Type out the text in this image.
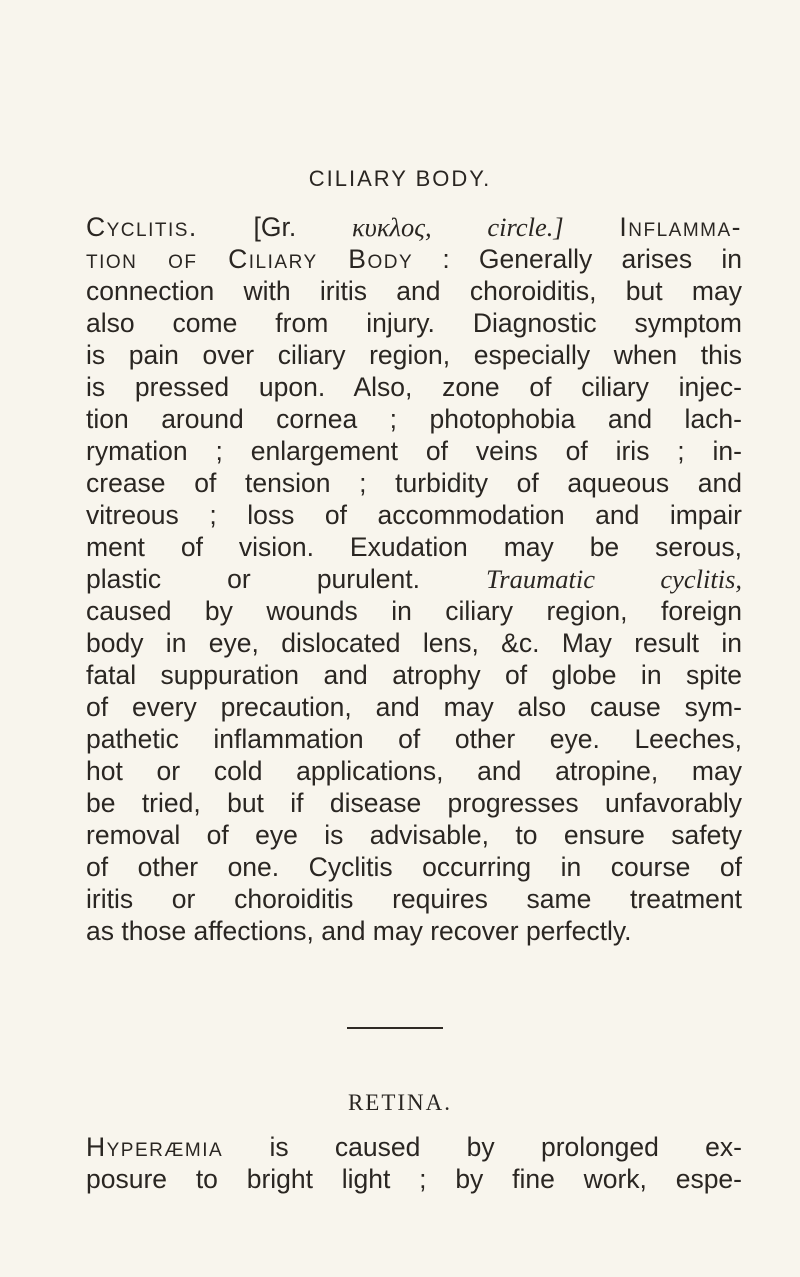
CILIARY BODY.
Cyclitis. [Gr. κυκλος, circle.] Inflamma-
tion of Ciliary Body : Generally arises in
connection with iritis and choroiditis, but may
also come from injury. Diagnostic symptom
is pain over ciliary region, especially when this
is pressed upon. Also, zone of ciliary injec-
tion around cornea ; photophobia and lach-
rymation ; enlargement of veins of iris ; in-
crease of tension ; turbidity of aqueous and
vitreous ; loss of accommodation and impair
ment of vision. Exudation may be serous,
plastic or purulent. Traumatic cyclitis,
caused by wounds in ciliary region, foreign
body in eye, dislocated lens, &c. May result in
fatal suppuration and atrophy of globe in spite
of every precaution, and may also cause sym-
pathetic inflammation of other eye. Leeches,
hot or cold applications, and atropine, may
be tried, but if disease progresses unfavorably
removal of eye is advisable, to ensure safety
of other one. Cyclitis occurring in course of
iritis or choroiditis requires same treatment
as those affections, and may recover perfectly.
RETINA.
Hyperæmia is caused by prolonged ex-
posure to bright light ; by fine work, espe-
